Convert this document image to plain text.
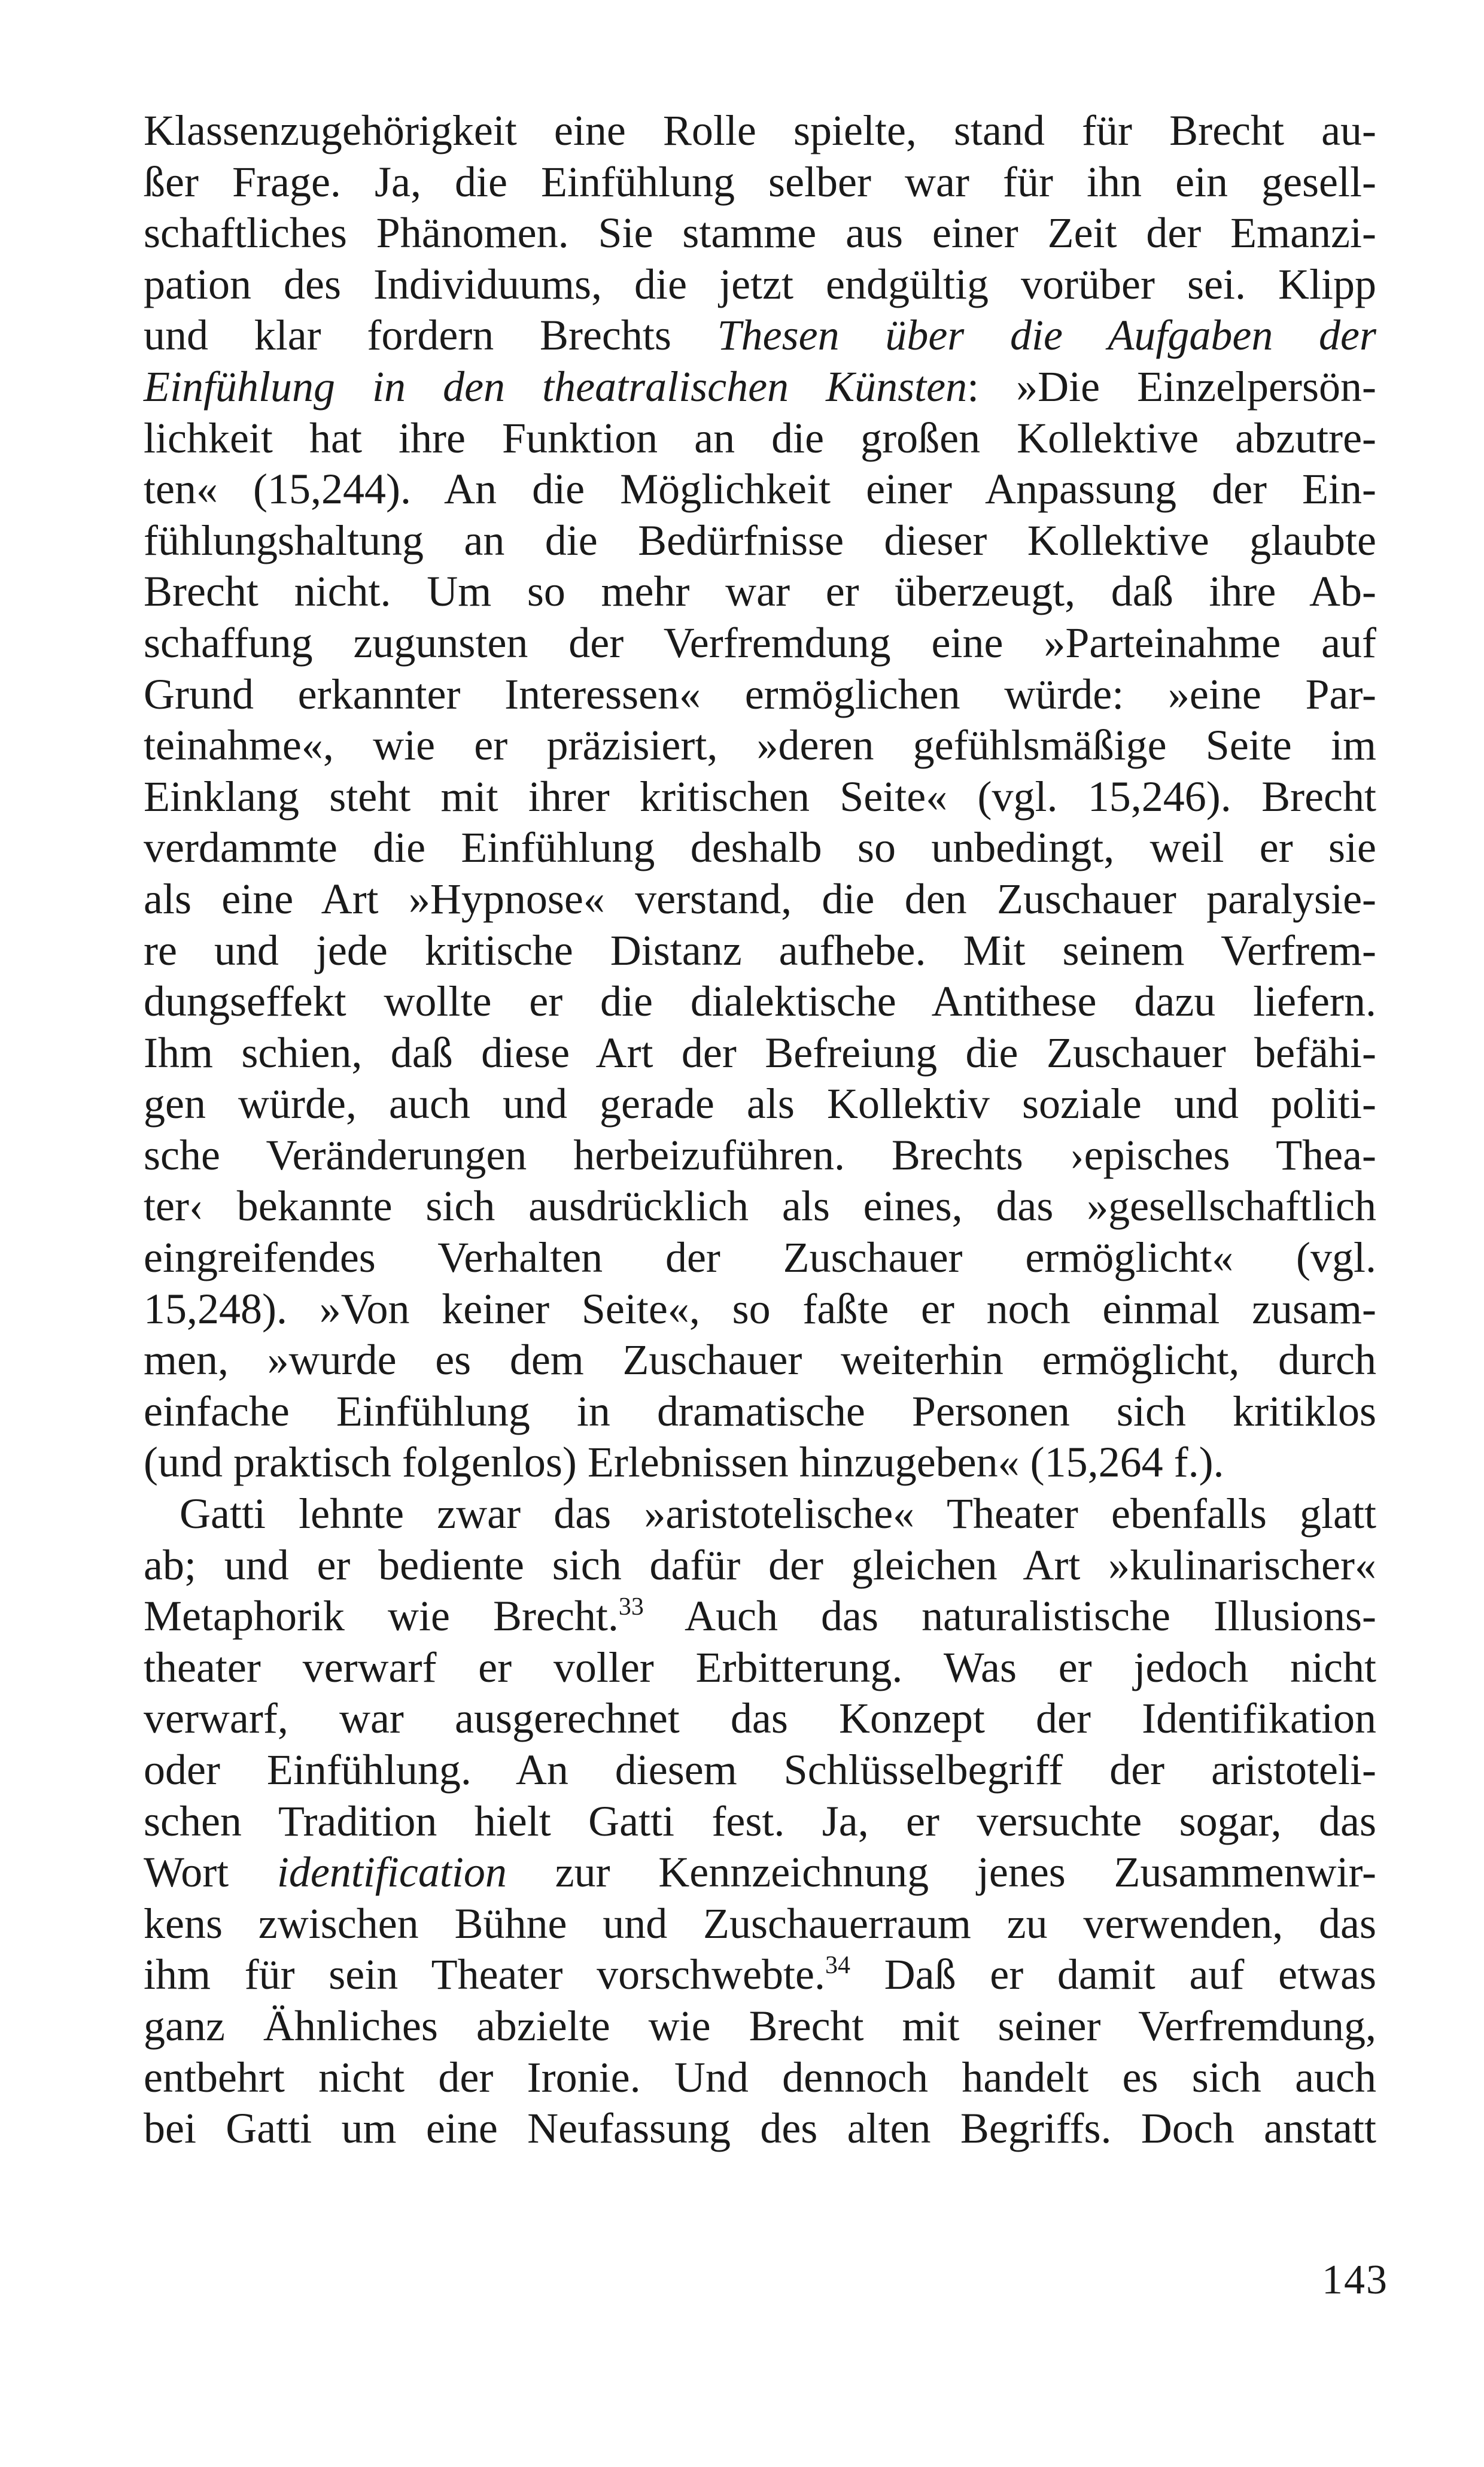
Klassenzugehörigkeit eine Rolle spielte, stand für Brecht au-
ßer Frage. Ja, die Einfühlung selber war für ihn ein gesell-
schaftliches Phänomen. Sie stamme aus einer Zeit der Emanzi-
pation des Individuums, die jetzt endgültig vorüber sei. Klipp
und klar fordern Brechts Thesen über die Aufgaben der
Einfühlung in den theatralischen Künsten: »Die Einzelpersön-
lichkeit hat ihre Funktion an die großen Kollektive abzutre-
ten« (15,244). An die Möglichkeit einer Anpassung der Ein-
fühlungshaltung an die Bedürfnisse dieser Kollektive glaubte
Brecht nicht. Um so mehr war er überzeugt, daß ihre Ab-
schaffung zugunsten der Verfremdung eine »Parteinahme auf
Grund erkannter Interessen« ermöglichen würde: »eine Par-
teinahme«, wie er präzisiert, »deren gefühlsmäßige Seite im
Einklang steht mit ihrer kritischen Seite« (vgl. 15,246). Brecht
verdammte die Einfühlung deshalb so unbedingt, weil er sie
als eine Art »Hypnose« verstand, die den Zuschauer paralysie-
re und jede kritische Distanz aufhebe. Mit seinem Verfrem-
dungseffekt wollte er die dialektische Antithese dazu liefern.
Ihm schien, daß diese Art der Befreiung die Zuschauer befähi-
gen würde, auch und gerade als Kollektiv soziale und politi-
sche Veränderungen herbeizuführen. Brechts ›episches Thea-
ter‹ bekannte sich ausdrücklich als eines, das »gesellschaftlich
eingreifendes Verhalten der Zuschauer ermöglicht« (vgl.
15,248). »Von keiner Seite«, so faßte er noch einmal zusam-
men, »wurde es dem Zuschauer weiterhin ermöglicht, durch
einfache Einfühlung in dramatische Personen sich kritiklos
(und praktisch folgenlos) Erlebnissen hinzugeben« (15,264 f.).
Gatti lehnte zwar das »aristotelische« Theater ebenfalls glatt
ab; und er bediente sich dafür der gleichen Art »kulinarischer«
Metaphorik wie Brecht.$^{33}$ Auch das naturalistische Illusions-
theater verwarf er voller Erbitterung. Was er jedoch nicht
verwarf, war ausgerechnet das Konzept der Identifikation
oder Einfühlung. An diesem Schlüsselbegriff der aristoteli-
schen Tradition hielt Gatti fest. Ja, er versuchte sogar, das
Wort identification zur Kennzeichnung jenes Zusammenwir-
kens zwischen Bühne und Zuschauerraum zu verwenden, das
ihm für sein Theater vorschwebte.$^{34}$ Daß er damit auf etwas
ganz Ähnliches abzielte wie Brecht mit seiner Verfremdung,
entbehrt nicht der Ironie. Und dennoch handelt es sich auch
bei Gatti um eine Neufassung des alten Begriffs. Doch anstatt
143
